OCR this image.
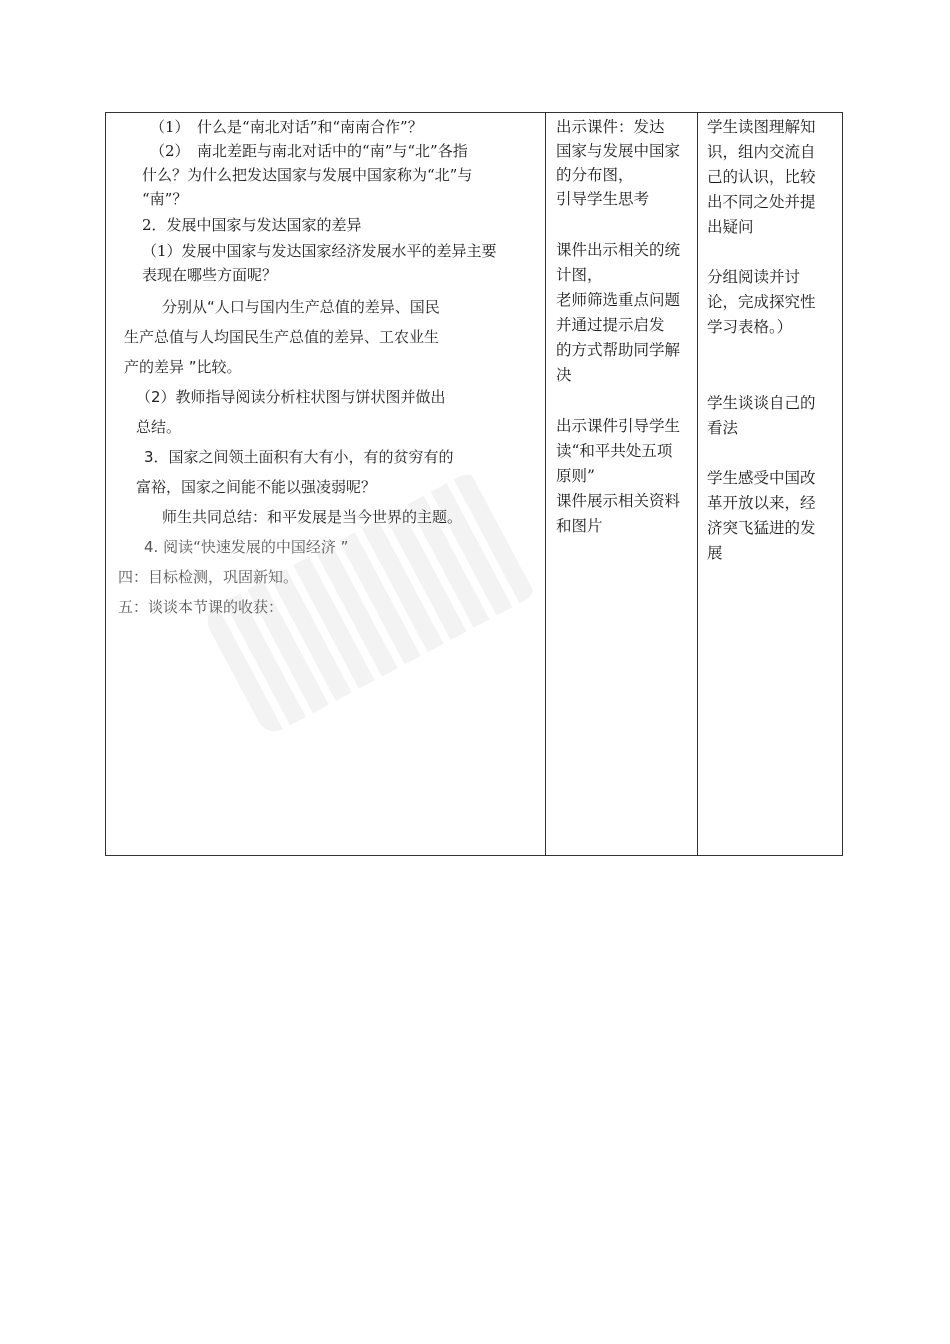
（1）　什么是“南北对话”和“南南合作”？
（2）　南北差距与南北对话中的“南”与“北”各指
什么？为什么把发达国家与发展中国家称为“北”与
“南”？
2．发展中国家与发达国家的差异
（1）发展中国家与发达国家经济发展水平的差异主要
表现在哪些方面呢？
分别从“人口与国内生产总值的差异、国民
生产总值与人均国民生产总值的差异、工农业生
产的差异 ”比较。
（2）教师指导阅读分析柱状图与饼状图并做出
总结。
3．国家之间领土面积有大有小，有的贫穷有的
富裕，国家之间能不能以强凌弱呢？
师生共同总结：和平发展是当今世界的主题。
4. 阅读“快速发展的中国经济 ”
四：目标检测，巩固新知。
五：谈谈本节课的收获：
出示课件：发达
国家与发展中国家
的分布图，
引导学生思考
课件出示相关的统
计图，
老师筛选重点问题
并通过提示启发
的方式帮助同学解
决
出示课件引导学生
读“和平共处五项
原则”
课件展示相关资料
和图片
学生读图理解知
识，组内交流自
己的认识，比较
出不同之处并提
出疑问
分组阅读并讨
论，完成探究性
学习表格。）
学生谈谈自己的
看法
学生感受中国改
革开放以来，经
济突飞猛进的发
展
